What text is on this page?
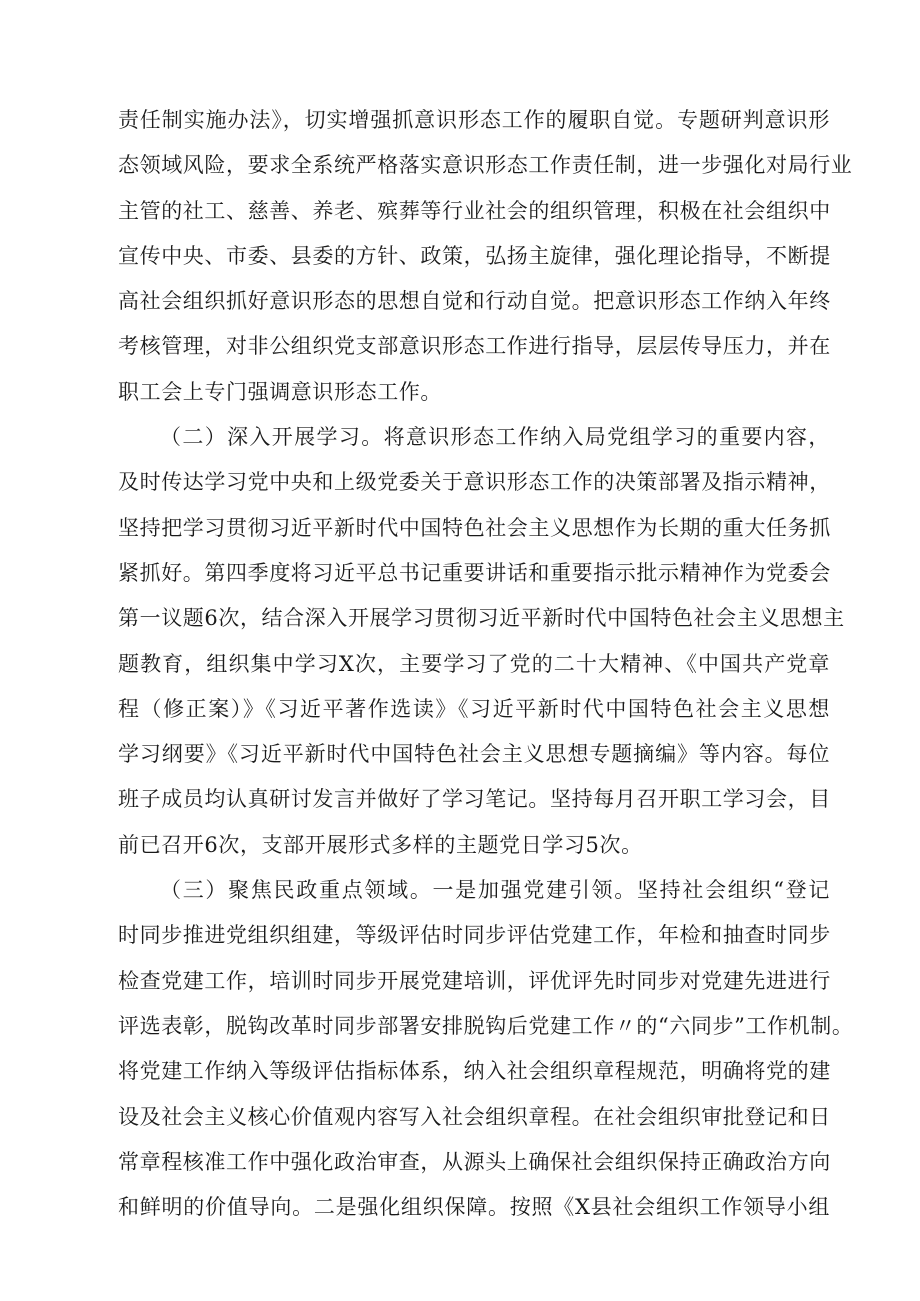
责任制实施办法》，切实增强抓意识形态工作的履职自觉。专题研判意识形
态领域风险，要求全系统严格落实意识形态工作责任制，进一步强化对局行业
主管的社工、慈善、养老、殡葬等行业社会的组织管理，积极在社会组织中
宣传中央、市委、县委的方针、政策，弘扬主旋律，强化理论指导，不断提
高社会组织抓好意识形态的思想自觉和行动自觉。把意识形态工作纳入年终
考核管理，对非公组织党支部意识形态工作进行指导，层层传导压力，并在
职工会上专门强调意识形态工作。
（二）深入开展学习。将意识形态工作纳入局党组学习的重要内容，
及时传达学习党中央和上级党委关于意识形态工作的决策部署及指示精神，
坚持把学习贯彻习近平新时代中国特色社会主义思想作为长期的重大任务抓
紧抓好。第四季度将习近平总书记重要讲话和重要指示批示精神作为党委会
第一议题6次，结合深入开展学习贯彻习近平新时代中国特色社会主义思想主
题教育，组织集中学习X次，主要学习了党的二十大精神、《中国共产党章
程（修正案）》《习近平著作选读》《习近平新时代中国特色社会主义思想
学习纲要》《习近平新时代中国特色社会主义思想专题摘编》等内容。每位
班子成员均认真研讨发言并做好了学习笔记。坚持每月召开职工学习会，目
前已召开6次，支部开展形式多样的主题党日学习5次。
（三）聚焦民政重点领域。一是加强党建引领。坚持社会组织“登记
时同步推进党组织组建，等级评估时同步评估党建工作，年检和抽查时同步
检查党建工作，培训时同步开展党建培训，评优评先时同步对党建先进进行
评选表彰，脱钩改革时同步部署安排脱钩后党建工作〃的“六同步”工作机制。
将党建工作纳入等级评估指标体系，纳入社会组织章程规范，明确将党的建
设及社会主义核心价值观内容写入社会组织章程。在社会组织审批登记和日
常章程核准工作中强化政治审查，从源头上确保社会组织保持正确政治方向
和鲜明的价值导向。二是强化组织保障。按照《X县社会组织工作领导小组
